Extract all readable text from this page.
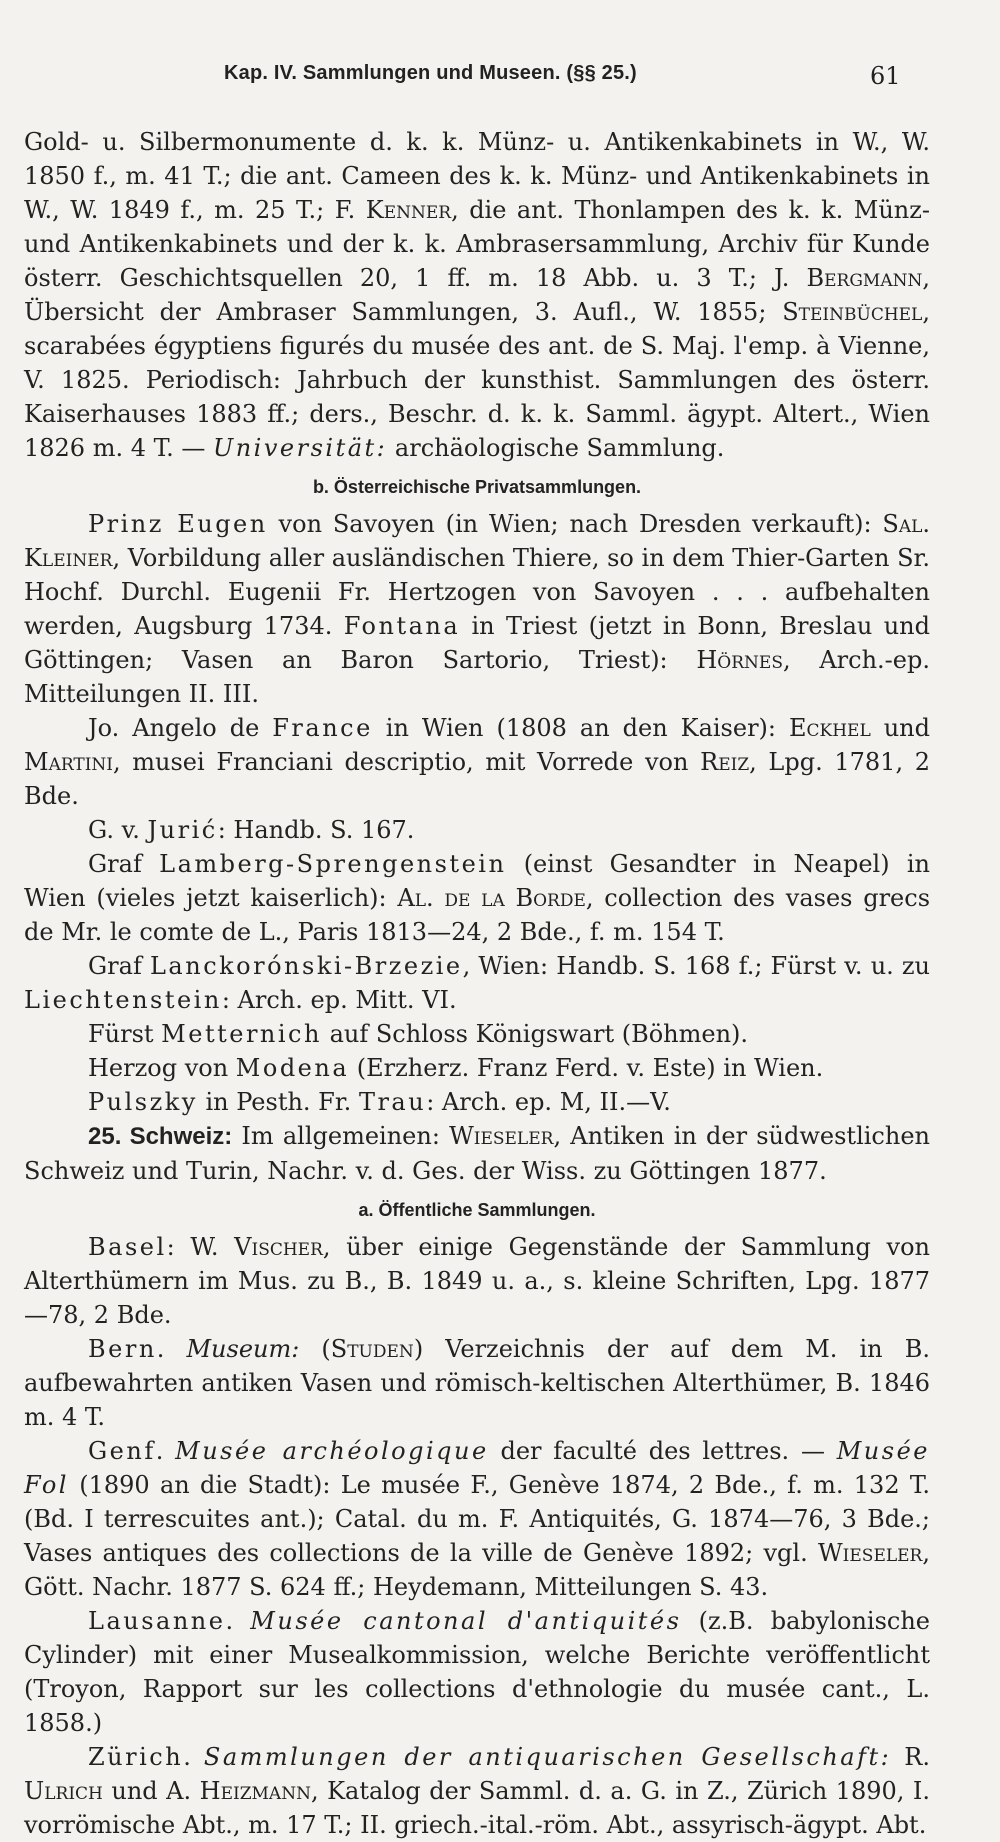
Kap. IV. Sammlungen und Museen. (§§ 25.)	61

Gold- u. Silbermonumente d. k. k. Münz- u. Antikenkabinets in W., W. 1850 f., m. 41 T.; die ant. Cameen des k. k. Münz- und Antikenkabinets in W., W. 1849 f., m. 25 T.; F. Kenner, die ant. Thonlampen des k. k. Münz- und Antikenkabinets und der k. k. Ambrasersammlung, Archiv für Kunde österr. Geschichtsquellen 20, 1 ff. m. 18 Abb. u. 3 T.; J. Bergmann, Übersicht der Ambraser Sammlungen, 3. Aufl., W. 1855; Steinbüchel, scarabées égyptiens figurés du musée des ant. de S. Maj. l'emp. à Vienne, V. 1825. Periodisch: Jahrbuch der kunsthist. Sammlungen des österr. Kaiserhauses 1883 ff.; ders., Beschr. d. k. k. Samml. ägypt. Altert., Wien 1826 m. 4 T. — Universität: archäologische Sammlung.

b. Österreichische Privatsammlungen.

Prinz Eugen von Savoyen (in Wien; nach Dresden verkauft): Sal. Kleiner, Vorbildung aller ausländischen Thiere, so in dem Thier-Garten Sr. Hochf. Durchl. Eugenii Fr. Hertzogen von Savoyen . . . aufbehalten werden, Augsburg 1734. Fontana in Triest (jetzt in Bonn, Breslau und Göttingen; Vasen an Baron Sartorio, Triest): Hörnes, Arch.-ep. Mitteilungen II. III.

Jo. Angelo de France in Wien (1808 an den Kaiser): Eckhel und Martini, musei Franciani descriptio, mit Vorrede von Reiz, Lpg. 1781, 2 Bde.

G. v. Jurić: Handb. S. 167.

Graf Lamberg-Sprengenstein (einst Gesandter in Neapel) in Wien (vieles jetzt kaiserlich): Al. de la Borde, collection des vases grecs de Mr. le comte de L., Paris 1813—24, 2 Bde., f. m. 154 T.

Graf Lanckorónski-Brzezie, Wien: Handb. S. 168 f.; Fürst v. u. zu Liechtenstein: Arch. ep. Mitt. VI.

Fürst Metternich auf Schloss Königswart (Böhmen).

Herzog von Modena (Erzherz. Franz Ferd. v. Este) in Wien.

Pulszky in Pesth. Fr. Trau: Arch. ep. M, II.—V.

25. Schweiz: Im allgemeinen: Wieseler, Antiken in der südwestlichen Schweiz und Turin, Nachr. v. d. Ges. der Wiss. zu Göttingen 1877.

a. Öffentliche Sammlungen.

Basel: W. Vischer, über einige Gegenstände der Sammlung von Alterthümern im Mus. zu B., B. 1849 u. a., s. kleine Schriften, Lpg. 1877—78, 2 Bde.

Bern. Museum: (Studen) Verzeichnis der auf dem M. in B. aufbewahrten antiken Vasen und römisch-keltischen Alterthümer, B. 1846 m. 4 T.

Genf. Musée archéologique der faculté des lettres. — Musée Fol (1890 an die Stadt): Le musée F., Genève 1874, 2 Bde., f. m. 132 T. (Bd. I terrescuites ant.); Catal. du m. F. Antiquités, G. 1874—76, 3 Bde.; Vases antiques des collections de la ville de Genève 1892; vgl. Wieseler, Gött. Nachr. 1877 S. 624 ff.; Heydemann, Mitteilungen S. 43.

Lausanne. Musée cantonal d'antiquités (z.B. babylonische Cylinder) mit einer Musealkommission, welche Berichte veröffentlicht (Troyon, Rapport sur les collections d'ethnologie du musée cant., L. 1858.)

Zürich. Sammlungen der antiquarischen Gesellschaft: R. Ulrich und A. Heizmann, Katalog der Samml. d. a. G. in Z., Zürich 1890, I. vorrömische Abt., m. 17 T.; II. griech.-ital.-röm. Abt., assyrisch-ägypt. Abt.
